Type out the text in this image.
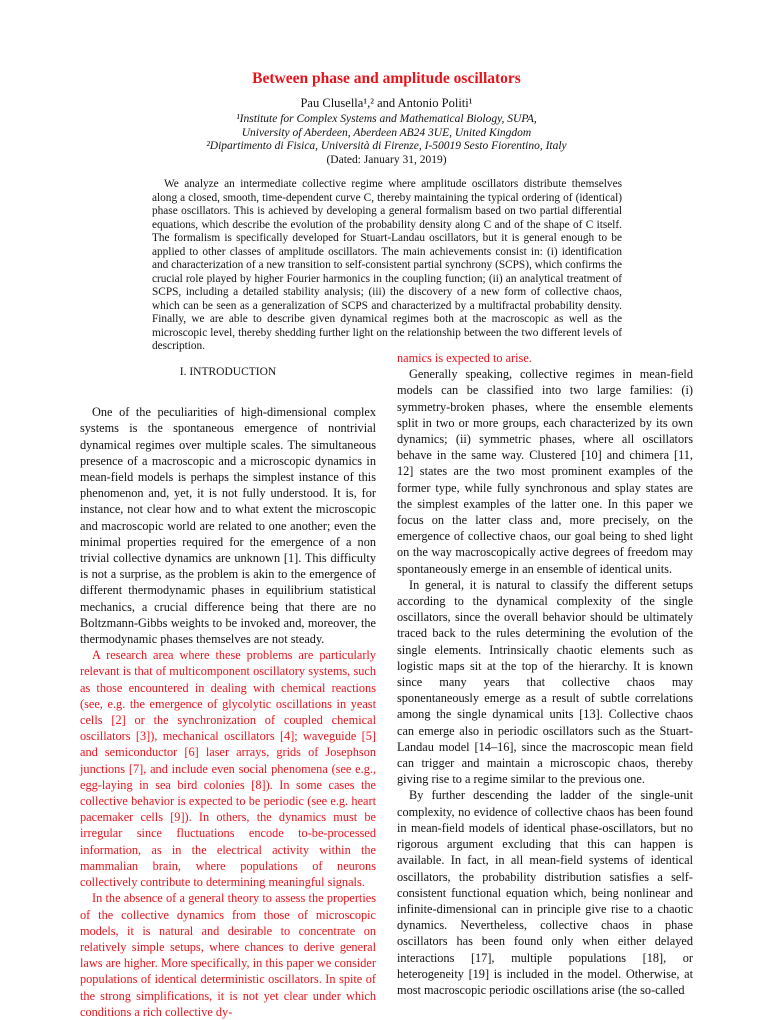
Between phase and amplitude oscillators
Pau Clusella¹,² and Antonio Politi¹
¹Institute for Complex Systems and Mathematical Biology, SUPA,
University of Aberdeen, Aberdeen AB24 3UE, United Kingdom
²Dipartimento di Fisica, Università di Firenze, I-50019 Sesto Fiorentino, Italy
(Dated: January 31, 2019)
We analyze an intermediate collective regime where amplitude oscillators distribute themselves along a closed, smooth, time-dependent curve C, thereby maintaining the typical ordering of (identical) phase oscillators. This is achieved by developing a general formalism based on two partial differential equations, which describe the evolution of the probability density along C and of the shape of C itself. The formalism is specifically developed for Stuart-Landau oscillators, but it is general enough to be applied to other classes of amplitude oscillators. The main achievements consist in: (i) identification and characterization of a new transition to self-consistent partial synchrony (SCPS), which confirms the crucial role played by higher Fourier harmonics in the coupling function; (ii) an analytical treatment of SCPS, including a detailed stability analysis; (iii) the discovery of a new form of collective chaos, which can be seen as a generalization of SCPS and characterized by a multifractal probability density. Finally, we are able to describe given dynamical regimes both at the macroscopic as well as the microscopic level, thereby shedding further light on the relationship between the two different levels of description.

I. INTRODUCTION

One of the peculiarities of high-dimensional complex systems is the spontaneous emergence of nontrivial dynamical regimes over multiple scales. The simultaneous presence of a macroscopic and a microscopic dynamics in mean-field models is perhaps the simplest instance of this phenomenon and, yet, it is not fully understood. It is, for instance, not clear how and to what extent the microscopic and macroscopic world are related to one another; even the minimal properties required for the emergence of a non trivial collective dynamics are unknown [1]. This difficulty is not a surprise, as the problem is akin to the emergence of different thermodynamic phases in equilibrium statistical mechanics, a crucial difference being that there are no Boltzmann-Gibbs weights to be invoked and, moreover, the thermodynamic phases themselves are not steady.

A research area where these problems are particularly relevant is that of multicomponent oscillatory systems, such as those encountered in dealing with chemical reactions (see, e.g. the emergence of glycolytic oscillations in yeast cells [2] or the synchronization of coupled chemical oscillators [3]), mechanical oscillators [4]; waveguide [5] and semiconductor [6] laser arrays, grids of Josephson junctions [7], and include even social phenomena (see e.g., egg-laying in sea bird colonies [8]). In some cases the collective behavior is expected to be periodic (see e.g. heart pacemaker cells [9]). In others, the dynamics must be irregular since fluctuations encode to-be-processed information, as in the electrical activity within the mammalian brain, where populations of neurons collectively contribute to determining meaningful signals.

In the absence of a general theory to assess the properties of the collective dynamics from those of microscopic models, it is natural and desirable to concentrate on relatively simple setups, where chances to derive general laws are higher. More specifically, in this paper we consider populations of identical deterministic oscillators. In spite of the strong simplifications, it is not yet clear under which conditions a rich collective dy-

namics is expected to arise.

Generally speaking, collective regimes in mean-field models can be classified into two large families: (i) symmetry-broken phases, where the ensemble elements split in two or more groups, each characterized by its own dynamics; (ii) symmetric phases, where all oscillators behave in the same way. Clustered [10] and chimera [11, 12] states are the two most prominent examples of the former type, while fully synchronous and splay states are the simplest examples of the latter one. In this paper we focus on the latter class and, more precisely, on the emergence of collective chaos, our goal being to shed light on the way macroscopically active degrees of freedom may spontaneously emerge in an ensemble of identical units.

In general, it is natural to classify the different setups according to the dynamical complexity of the single oscillators, since the overall behavior should be ultimately traced back to the rules determining the evolution of the single elements. Intrinsically chaotic elements such as logistic maps sit at the top of the hierarchy. It is known since many years that collective chaos may sponentaneously emerge as a result of subtle correlations among the single dynamical units [13]. Collective chaos can emerge also in periodic oscillators such as the Stuart-Landau model [14–16], since the macroscopic mean field can trigger and maintain a microscopic chaos, thereby giving rise to a regime similar to the previous one.

By further descending the ladder of the single-unit complexity, no evidence of collective chaos has been found in mean-field models of identical phase-oscillators, but no rigorous argument excluding that this can happen is available. In fact, in all mean-field systems of identical oscillators, the probability distribution satisfies a self-consistent functional equation which, being nonlinear and infinite-dimensional can in principle give rise to a chaotic dynamics. Nevertheless, collective chaos in phase oscillators has been found only when either delayed interactions [17], multiple populations [18], or heterogeneity [19] is included in the model. Otherwise, at most macroscopic periodic oscillations arise (the so-called
